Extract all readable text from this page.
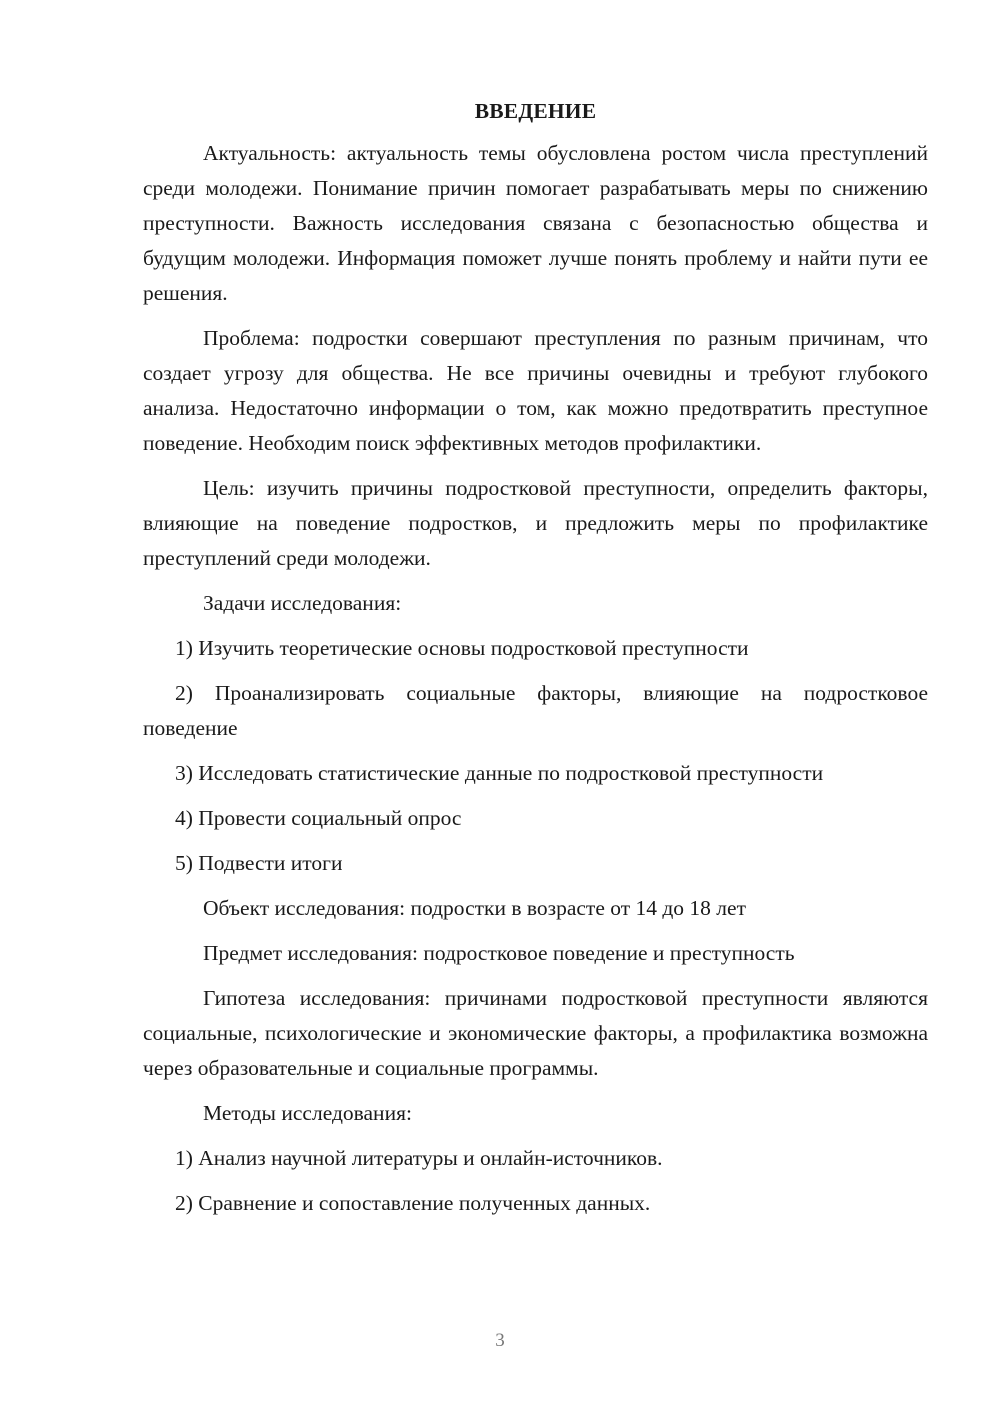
ВВЕДЕНИЕ

Актуальность: актуальность темы обусловлена ростом числа преступлений среди молодежи. Понимание причин помогает разрабатывать меры по снижению преступности. Важность исследования связана с безопасностью общества и будущим молодежи. Информация поможет лучше понять проблему и найти пути ее решения.

Проблема: подростки совершают преступления по разным причинам, что создает угрозу для общества. Не все причины очевидны и требуют глубокого анализа. Недостаточно информации о том, как можно предотвратить преступное поведение. Необходим поиск эффективных методов профилактики.

Цель: изучить причины подростковой преступности, определить факторы, влияющие на поведение подростков, и предложить меры по профилактике преступлений среди молодежи.

Задачи исследования:

1) Изучить теоретические основы подростковой преступности

2) Проанализировать социальные факторы, влияющие на подростковое поведение

3) Исследовать статистические данные по подростковой преступности

4) Провести социальный опрос

5) Подвести итоги

Объект исследования: подростки в возрасте от 14 до 18 лет

Предмет исследования: подростковое поведение и преступность

Гипотеза исследования: причинами подростковой преступности являются социальные, психологические и экономические факторы, а профилактика возможна через образовательные и социальные программы.

Методы исследования:

1) Анализ научной литературы и онлайн-источников.

2) Сравнение и сопоставление полученных данных.

3
